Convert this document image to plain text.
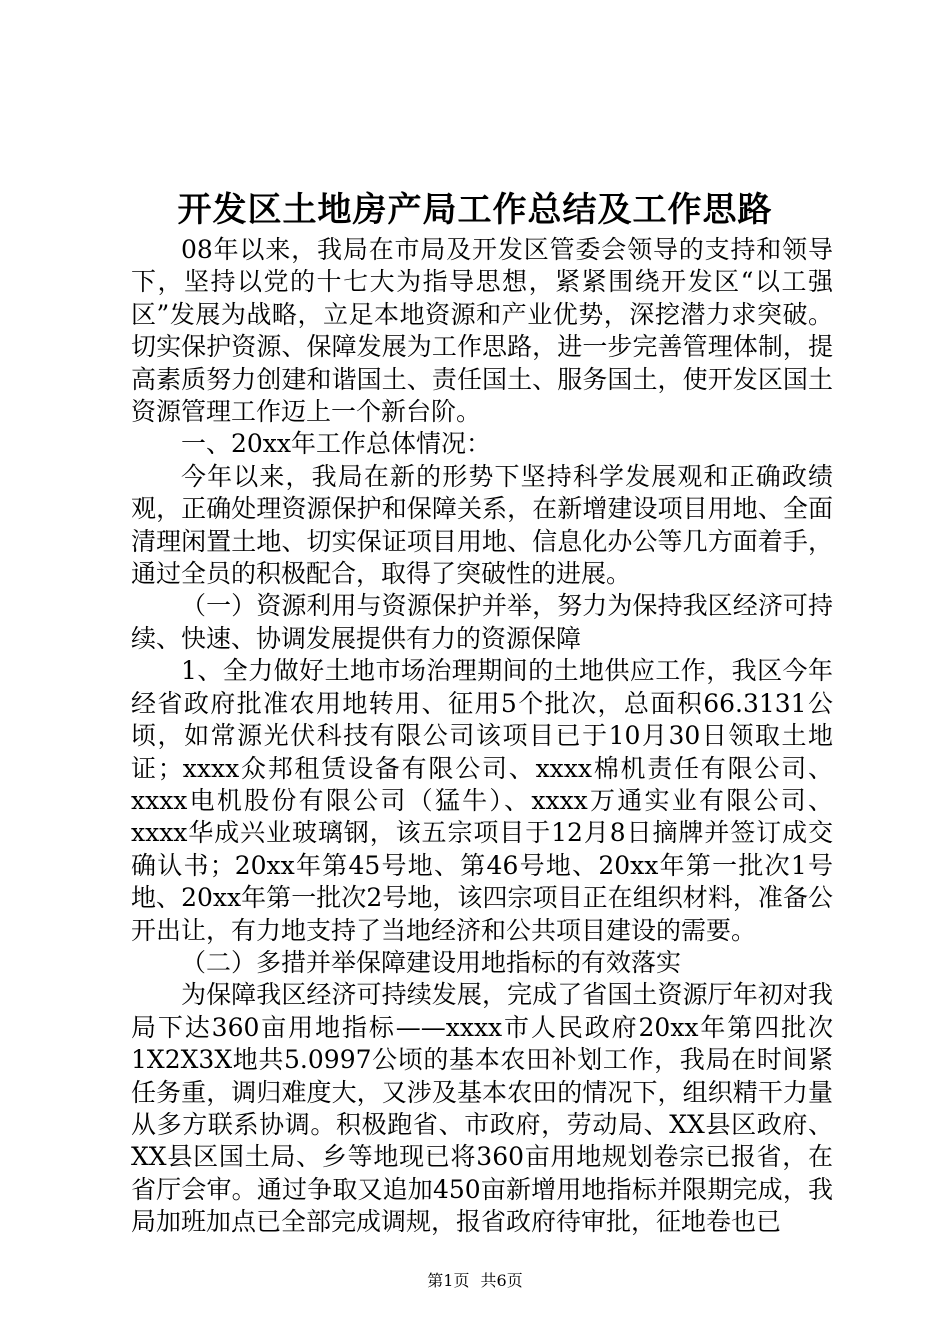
开发区土地房产局工作总结及工作思路

08年以来，我局在市局及开发区管委会领导的支持和领导下，坚持以党的十七大为指导思想，紧紧围绕开发区“以工强区”发展为战略，立足本地资源和产业优势，深挖潜力求突破。切实保护资源、保障发展为工作思路，进一步完善管理体制，提高素质努力创建和谐国土、责任国土、服务国土，使开发区国土资源管理工作迈上一个新台阶。

一、20xx年工作总体情况：

今年以来，我局在新的形势下坚持科学发展观和正确政绩观，正确处理资源保护和保障关系，在新增建设项目用地、全面清理闲置土地、切实保证项目用地、信息化办公等几方面着手，通过全员的积极配合，取得了突破性的进展。

（一）资源利用与资源保护并举，努力为保持我区经济可持续、快速、协调发展提供有力的资源保障

1、全力做好土地市场治理期间的土地供应工作，我区今年经省政府批准农用地转用、征用5个批次，总面积66.3131公顷，如常源光伏科技有限公司该项目已于10月30日领取土地证；xxxx众邦租赁设备有限公司、xxxx棉机责任有限公司、xxxx电机股份有限公司（猛牛）、xxxx万通实业有限公司、xxxx华成兴业玻璃钢，该五宗项目于12月8日摘牌并签订成交确认书；20xx年第45号地、第46号地、20xx年第一批次1号地、20xx年第一批次2号地，该四宗项目正在组织材料，准备公开出让，有力地支持了当地经济和公共项目建设的需要。

（二）多措并举保障建设用地指标的有效落实

为保障我区经济可持续发展，完成了省国土资源厅年初对我局下达360亩用地指标——xxxx市人民政府20xx年第四批次1X2X3X地共5.0997公顷的基本农田补划工作，我局在时间紧任务重，调归难度大，又涉及基本农田的情况下，组织精干力量从多方联系协调。积极跑省、市政府，劳动局、XX县区政府、XX县区国土局、乡等地现已将360亩用地规划卷宗已报省，在省厅会审。通过争取又追加450亩新增用地指标并限期完成，我局加班加点已全部完成调规，报省政府待审批，征地卷也已

第1页 共6页
